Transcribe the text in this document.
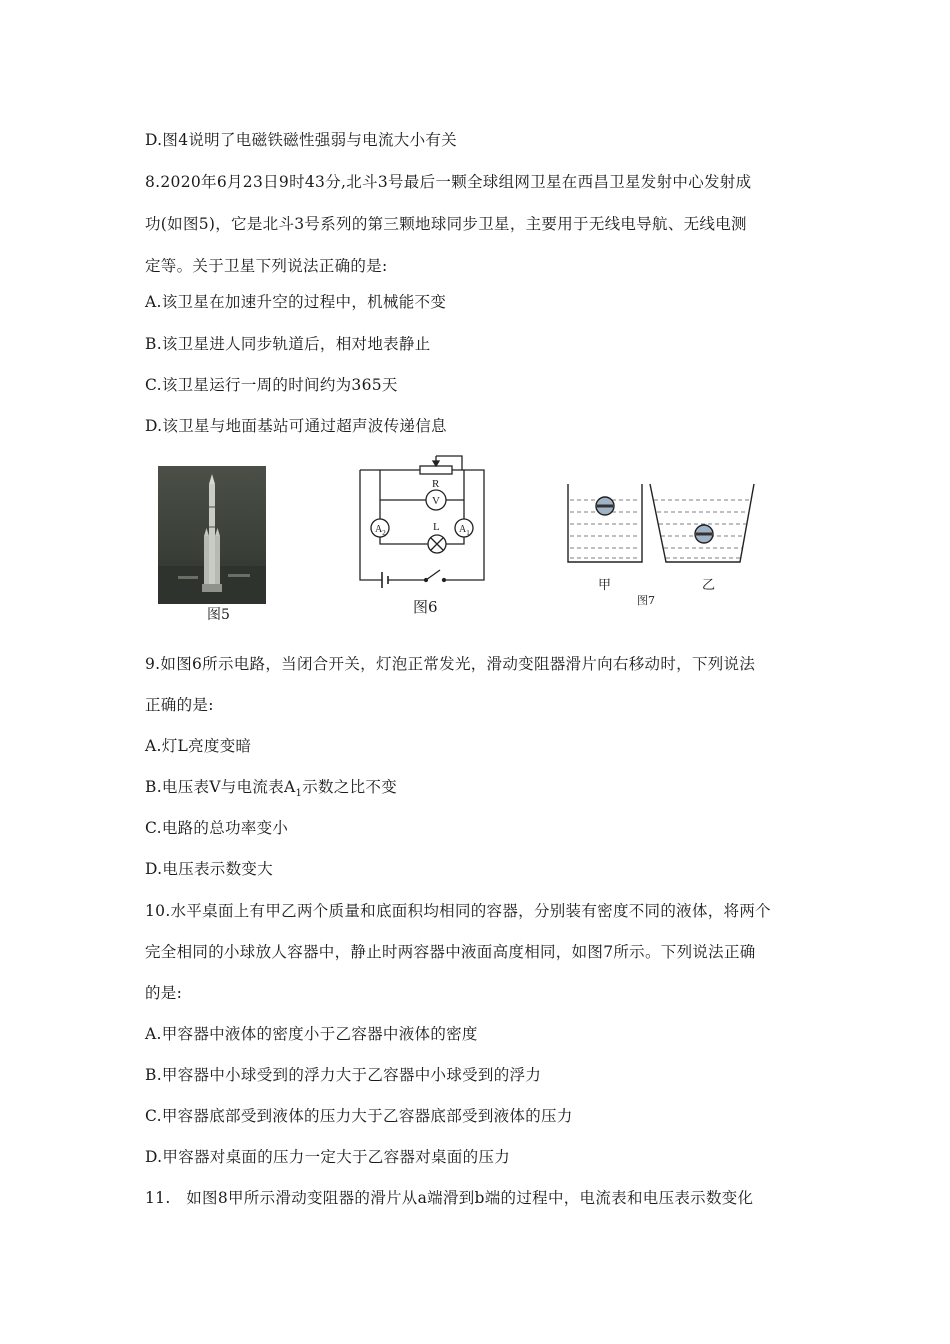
D.图4说明了电磁铁磁性强弱与电流大小有关
8.2020年6月23日9时43分,北斗3号最后一颗全球组网卫星在西昌卫星发射中心发射成
功(如图5)，它是北斗3号系列的第三颗地球同步卫星，主要用于无线电导航、无线电测
定等。关于卫星下列说法正确的是:
A.该卫星在加速升空的过程中，机械能不变
B.该卫星进人同步轨道后，相对地表静止
C.该卫星运行一周的时间约为365天
D.该卫星与地面基站可通过超声波传递信息
图5
R
V
$A_2$	$A_1$
L
图6
甲	乙
图7
9.如图6所示电路，当闭合开关，灯泡正常发光，滑动变阻器滑片向右移动时，下列说法
正确的是:
A.灯L亮度变暗
B.电压表V与电流表$A_1$示数之比不变
C.电路的总功率变小
D.电压表示数变大
10.水平桌面上有甲乙两个质量和底面积均相同的容器，分别装有密度不同的液体，将两个
完全相同的小球放人容器中，静止时两容器中液面高度相同，如图7所示。下列说法正确
的是:
A.甲容器中液体的密度小于乙容器中液体的密度
B.甲容器中小球受到的浮力大于乙容器中小球受到的浮力
C.甲容器底部受到液体的压力大于乙容器底部受到液体的压力
D.甲容器对桌面的压力一定大于乙容器对桌面的压力
11.   如图8甲所示滑动变阻器的滑片从a端滑到b端的过程中，电流表和电压表示数变化
